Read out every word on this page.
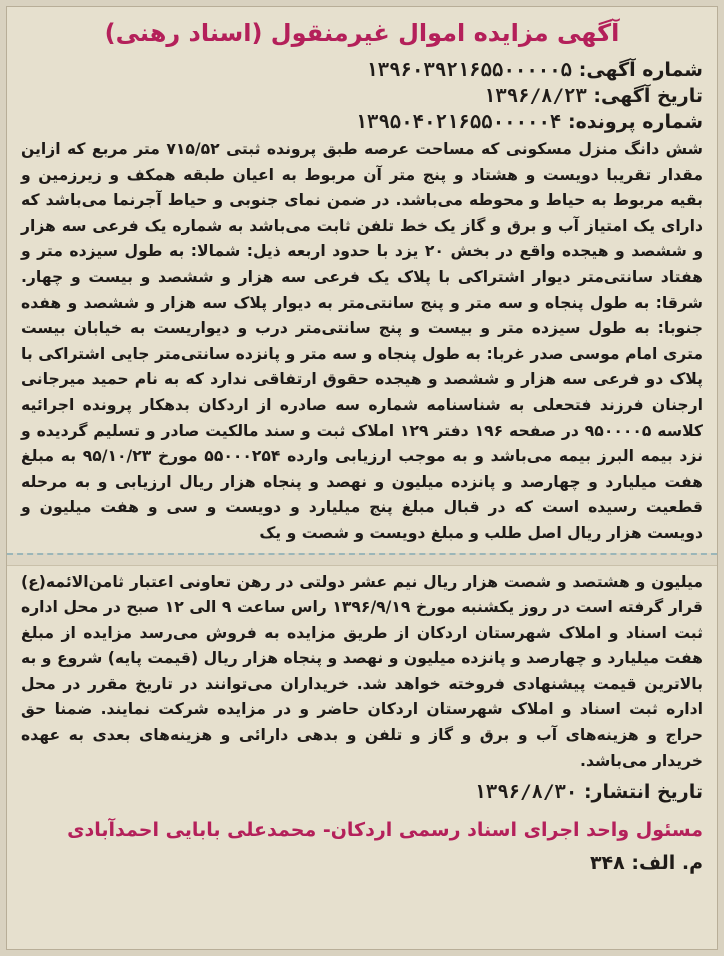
آگهی مزایده اموال غیرمنقول (اسناد رهنی)
شماره آگهی: ۱۳۹۶۰۳۹۲۱۶۵۵۰۰۰۰۰۵
تاریخ آگهی: ۱۳۹۶/۸/۲۳
شماره پرونده: ۱۳۹۵۰۴۰۲۱۶۵۵۰۰۰۰۰۴

شش دانگ منزل مسکونی که مساحت عرصه طبق پرونده ثبتی ۷۱۵/۵۲ متر مربع که ازاین مقدار تقریبا دویست و هشتاد و پنج متر آن مربوط به اعیان طبقه همکف و زیرزمین و بقیه مربوط به حیاط و محوطه می‌باشد. در ضمن نمای جنوبی و حیاط آجرنما می‌باشد که دارای یک امتیاز آب و برق و گاز یک خط تلفن ثابت می‌باشد به شماره یک فرعی سه هزار و ششصد و هیجده واقع در بخش ۲۰ یزد با حدود اربعه ذیل: شمالا: به طول سیزده متر و هفتاد سانتی‌متر دیوار اشتراکی با پلاک یک فرعی سه هزار و ششصد و بیست و چهار. شرقا: به طول پنجاه و سه متر و پنج سانتی‌متر به دیوار پلاک سه هزار و ششصد و هفده جنوبا: به طول سیزده متر و بیست و پنج سانتی‌متر درب و دیواریست به خیابان بیست متری امام موسی صدر غربا: به طول پنجاه و سه متر و پانزده سانتی‌متر جایی اشتراکی با پلاک دو فرعی سه هزار و ششصد و هیجده حقوق ارتفاقی ندارد که به نام حمید میرجانی ارجنان فرزند فتحعلی به شناسنامه شماره سه صادره از اردکان بدهکار پرونده اجرائیه کلاسه ۹۵۰۰۰۰۵ در صفحه ۱۹۶ دفتر ۱۲۹ املاک ثبت و سند مالکیت صادر و تسلیم گردیده و نزد بیمه البرز بیمه می‌باشد و به موجب ارزیابی وارده ۵۵۰۰۰۲۵۴ مورخ ۹۵/۱۰/۲۳ به مبلغ هفت میلیارد و چهارصد و پانزده میلیون و نهصد و پنجاه هزار ریال ارزیابی و به مرحله قطعیت رسیده است که در قبال مبلغ پنج میلیارد و دویست و سی و هفت میلیون و دویست هزار ریال اصل طلب و مبلغ دویست و شصت و یک

میلیون و هشتصد و شصت هزار ریال نیم عشر دولتی در رهن تعاونی اعتبار ثامن‌الائمه(ع) قرار گرفته است در روز یکشنبه مورخ ۱۳۹۶/۹/۱۹ راس ساعت ۹ الی ۱۲ صبح در محل اداره ثبت اسناد و املاک شهرستان اردکان از طریق مزایده به فروش می‌رسد مزایده از مبلغ هفت میلیارد و چهارصد و پانزده میلیون و نهصد و پنجاه هزار ریال (قیمت پایه) شروع و به بالاترین قیمت پیشنهادی فروخته خواهد شد. خریداران می‌توانند در تاریخ مقرر در محل اداره ثبت اسناد و املاک شهرستان اردکان حاضر و در مزایده شرکت نمایند. ضمنا حق حراج و هزینه‌های آب و برق و گاز و تلفن و بدهی دارائی و هزینه‌های بعدی به عهده خریدار می‌باشد.

تاریخ انتشار: ۱۳۹۶/۸/۳۰
مسئول واحد اجرای اسناد رسمی اردکان- محمدعلی بابایی احمدآبادی
م. الف: ۳۴۸
